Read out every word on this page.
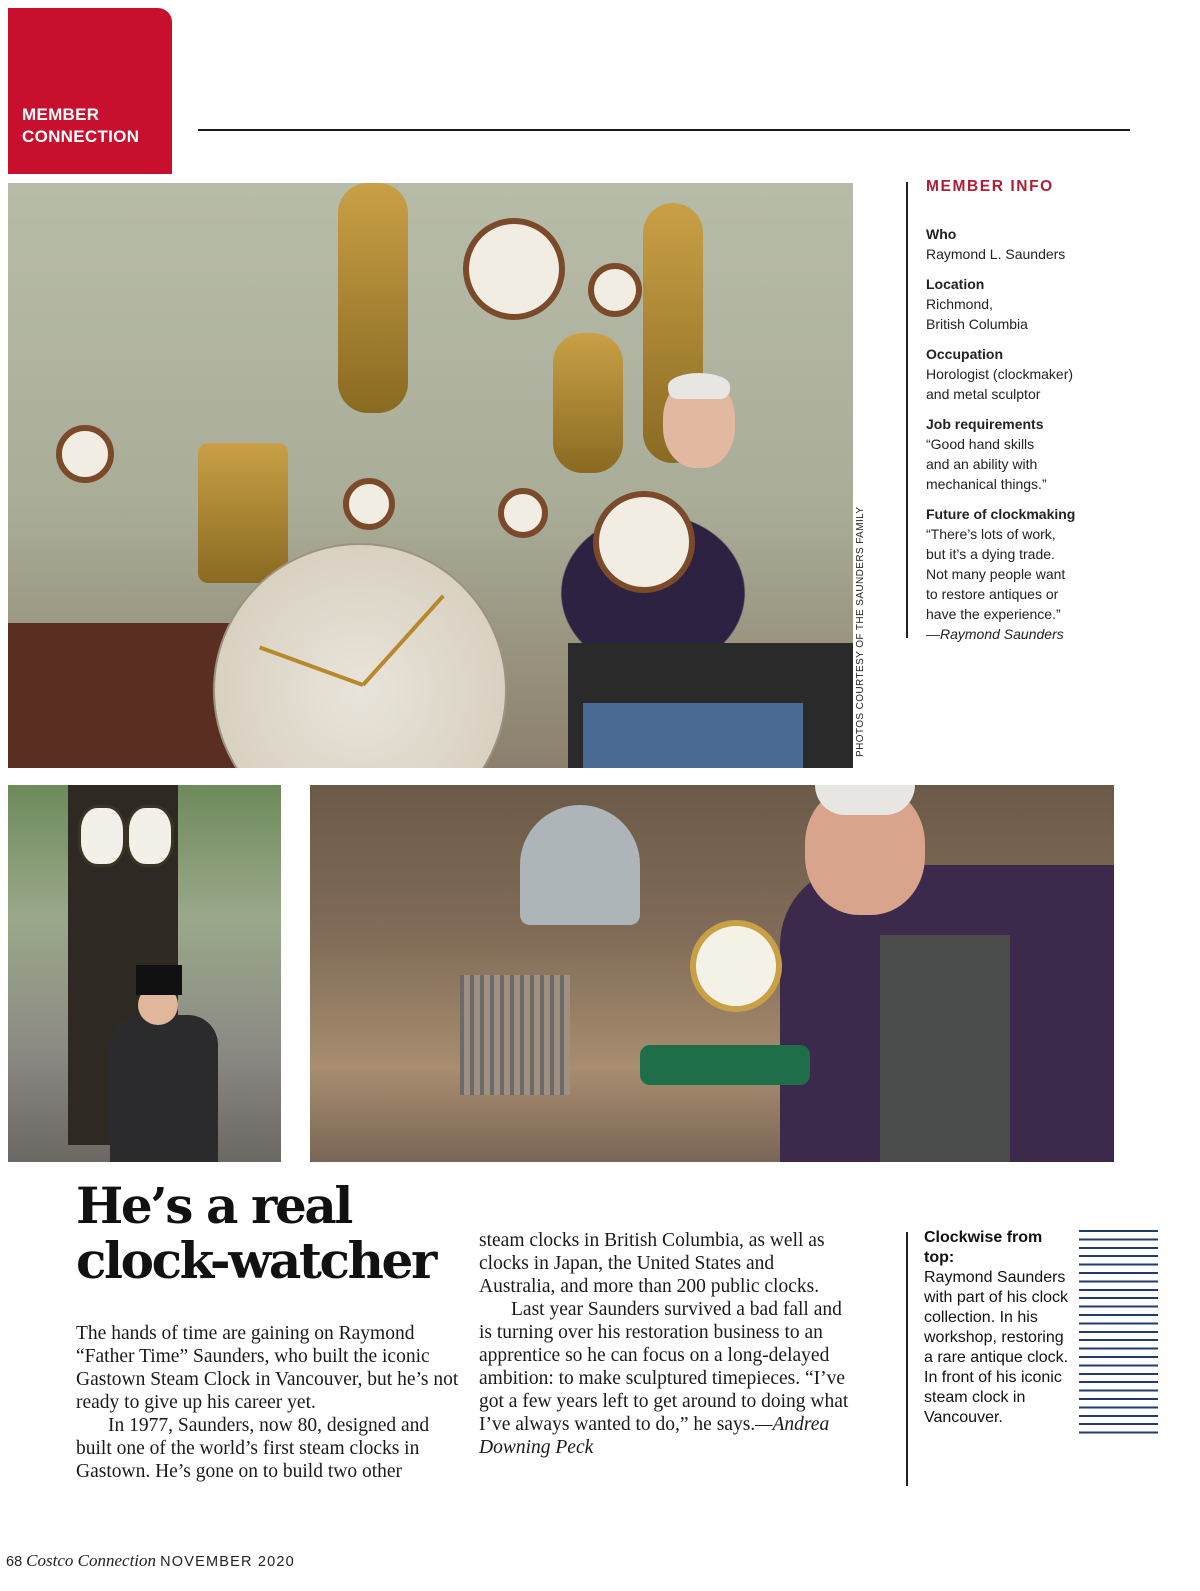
MEMBER
CONNECTION
PHOTOS COURTESY OF THE SAUNDERS FAMILY
MEMBER INFO
Who
Raymond L. Saunders
Location
Richmond,
British Columbia
Occupation
Horologist (clockmaker)
and metal sculptor
Job requirements
“Good hand skills
and an ability with
mechanical things.”
Future of clockmaking
“There’s lots of work,
but it’s a dying trade.
Not many people want
to restore antiques or
have the experience.”
—Raymond Saunders
He’s a real
clock-watcher

The hands of time are gaining on Raymond “Father Time” Saunders, who built the iconic Gastown Steam Clock in Vancouver, but he’s not ready to give up his career yet.

In 1977, Saunders, now 80, designed and built one of the world’s first steam clocks in Gastown. He’s gone on to build two other

steam clocks in British Columbia, as well as clocks in Japan, the United States and Australia, and more than 200 public clocks.

Last year Saunders survived a bad fall and is turning over his restoration business to an apprentice so he can focus on a long-delayed ambition: to make sculptured timepieces. “I’ve got a few years left to get around to doing what I’ve always wanted to do,” he says.—Andrea Downing Peck

Clockwise from top:
Raymond Saunders with part of his clock collection. In his workshop, restoring a rare antique clock. In front of his iconic steam clock in Vancouver.
68 Costco Connection NOVEMBER 2020
